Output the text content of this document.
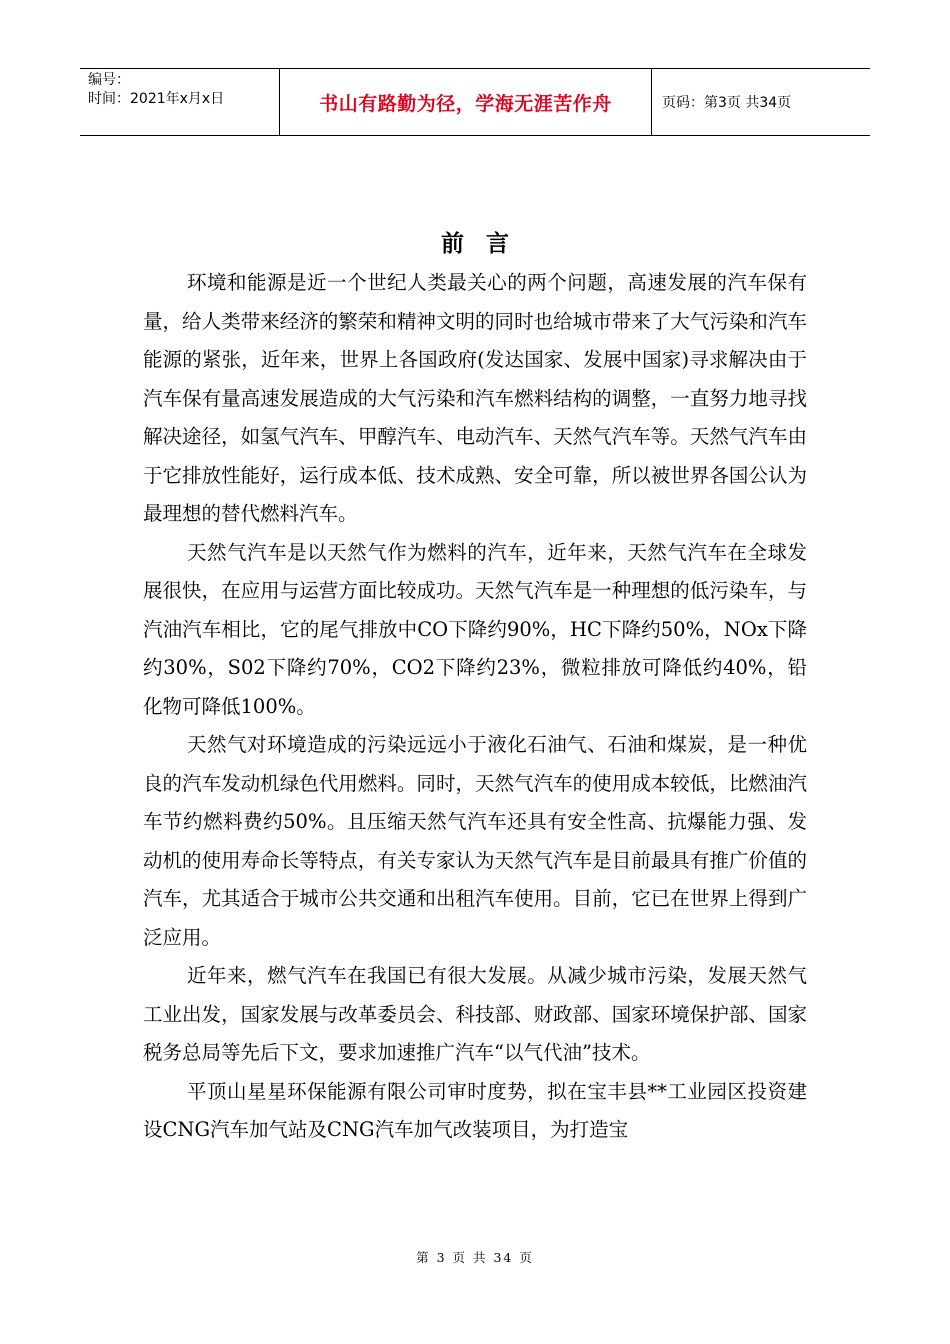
编号：
时间：2021年x月x日	书山有路勤为径，学海无涯苦作舟	页码：第3页 共34页
前言

环境和能源是近一个世纪人类最关心的两个问题，高速发展的汽车保有量，给人类带来经济的繁荣和精神文明的同时也给城市带来了大气污染和汽车能源的紧张，近年来，世界上各国政府(发达国家、发展中国家)寻求解决由于汽车保有量高速发展造成的大气污染和汽车燃料结构的调整，一直努力地寻找解决途径，如氢气汽车、甲醇汽车、电动汽车、天然气汽车等。天然气汽车由于它排放性能好，运行成本低、技术成熟、安全可靠，所以被世界各国公认为最理想的替代燃料汽车。

天然气汽车是以天然气作为燃料的汽车，近年来，天然气汽车在全球发展很快，在应用与运营方面比较成功。天然气汽车是一种理想的低污染车，与汽油汽车相比，它的尾气排放中CO下降约90%，HC下降约50%，NOx下降约30%，S02下降约70%，CO2下降约23%，微粒排放可降低约40%，铅化物可降低100%。

天然气对环境造成的污染远远小于液化石油气、石油和煤炭，是一种优良的汽车发动机绿色代用燃料。同时，天然气汽车的使用成本较低，比燃油汽车节约燃料费约50%。且压缩天然气汽车还具有安全性高、抗爆能力强、发动机的使用寿命长等特点，有关专家认为天然气汽车是目前最具有推广价值的汽车，尤其适合于城市公共交通和出租汽车使用。目前，它已在世界上得到广泛应用。

近年来，燃气汽车在我国已有很大发展。从减少城市污染，发展天然气工业出发，国家发展与改革委员会、科技部、财政部、国家环境保护部、国家税务总局等先后下文，要求加速推广汽车“以气代油”技术。

平顶山星星环保能源有限公司审时度势，拟在宝丰县**工业园区投资建设CNG汽车加气站及CNG汽车加气改装项目，为打造宝

第 3 页 共 34 页
